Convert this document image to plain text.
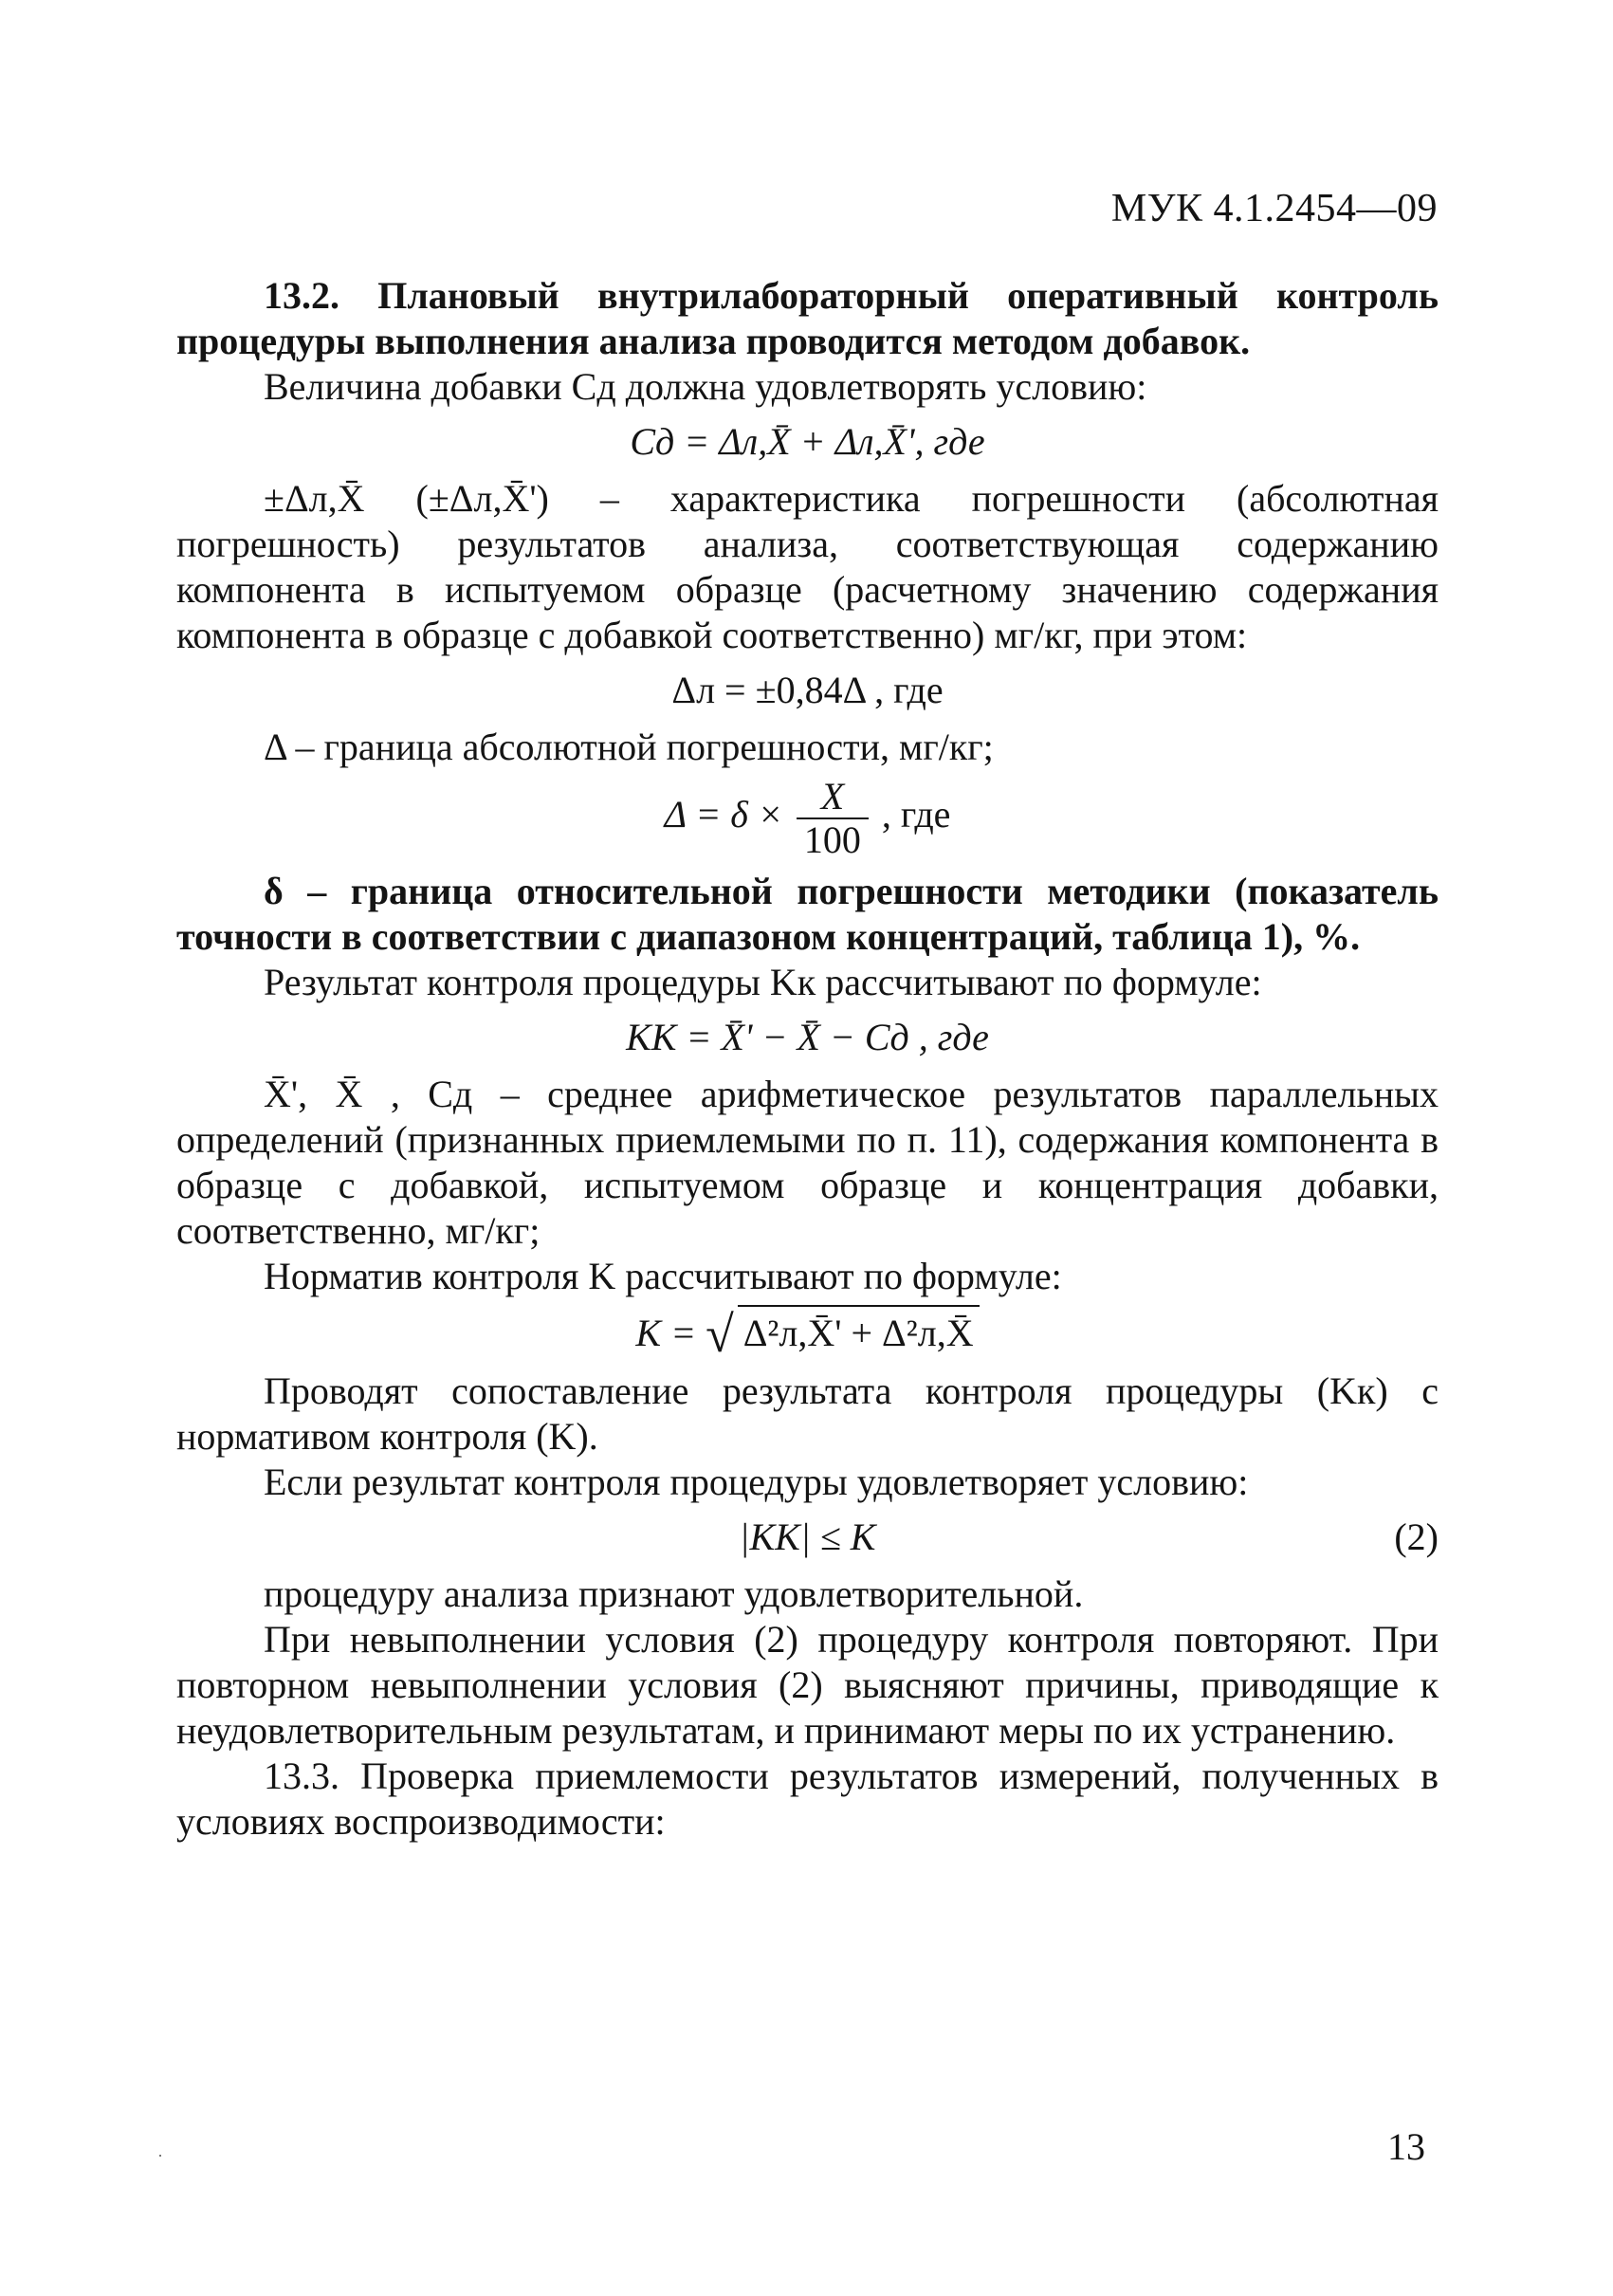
МУК 4.1.2454—09

13.2. Плановый внутрилабораторный оперативный контроль процедуры выполнения анализа проводится методом добавок.

Величина добавки Cд должна удовлетворять условию:

Cд = Δл,X̄ + Δл,X̄', где

±Δл,X̄ (±Δл,X̄') – характеристика погрешности (абсолютная погрешность) результатов анализа, соответствующая содержанию компонента в испытуемом образце (расчетному значению содержания компонента в образце с добавкой соответственно) мг/кг, при этом:

Δл = ±0,84Δ , где

Δ – граница абсолютной погрешности, мг/кг;

$\Delta = \delta \times \frac{X}{100}$ , где

δ – граница относительной погрешности методики (показатель точности в соответствии с диапазоном концентраций, таблица 1), %.

Результат контроля процедуры Kк рассчитывают по формуле:

KK = X̄' − X̄ − Cд , где

X̄', X̄ , Cд – среднее арифметическое результатов параллельных определений (признанных приемлемыми по п. 11), содержания компонента в образце с добавкой, испытуемом образце и концентрация добавки, соответственно, мг/кг;

Норматив контроля K рассчитывают по формуле:

K = √ Δ²л,X̄' + Δ²л,X̄

Проводят сопоставление результата контроля процедуры (Kк) с нормативом контроля (K).

Если результат контроля процедуры удовлетворяет условию:

|KK| ≤ K	(2)

процедуру анализа признают удовлетворительной.

При невыполнении условия (2) процедуру контроля повторяют. При повторном невыполнении условия (2) выясняют причины, приводящие к неудовлетворительным результатам, и принимают меры по их устранению.

13.3. Проверка приемлемости результатов измерений, полученных в условиях воспроизводимости:

13
